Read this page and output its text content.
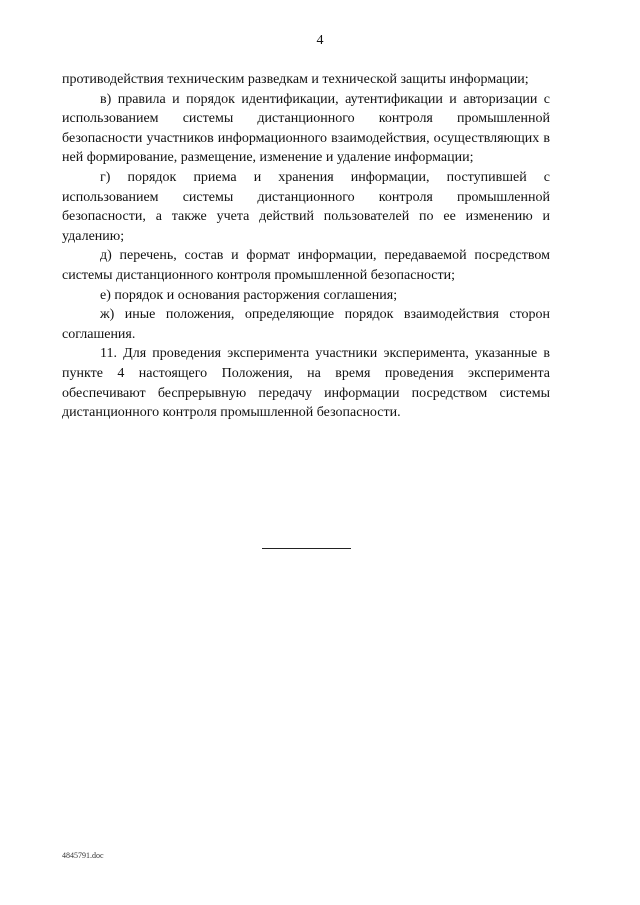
4

противодействия техническим разведкам и технической защиты информации;

в) правила и порядок идентификации, аутентификации и авторизации с использованием системы дистанционного контроля промышленной безопасности участников информационного взаимодействия, осуществляющих в ней формирование, размещение, изменение и удаление информации;

г) порядок приема и хранения информации, поступившей с использованием системы дистанционного контроля промышленной безопасности, а также учета действий пользователей по ее изменению и удалению;

д) перечень, состав и формат информации, передаваемой посредством системы дистанционного контроля промышленной безопасности;

е) порядок и основания расторжения соглашения;

ж) иные положения, определяющие порядок взаимодействия сторон соглашения.

11. Для проведения эксперимента участники эксперимента, указанные в пункте 4 настоящего Положения, на время проведения эксперимента обеспечивают беспрерывную передачу информации посредством системы дистанционного контроля промышленной безопасности.

4845791.doc
